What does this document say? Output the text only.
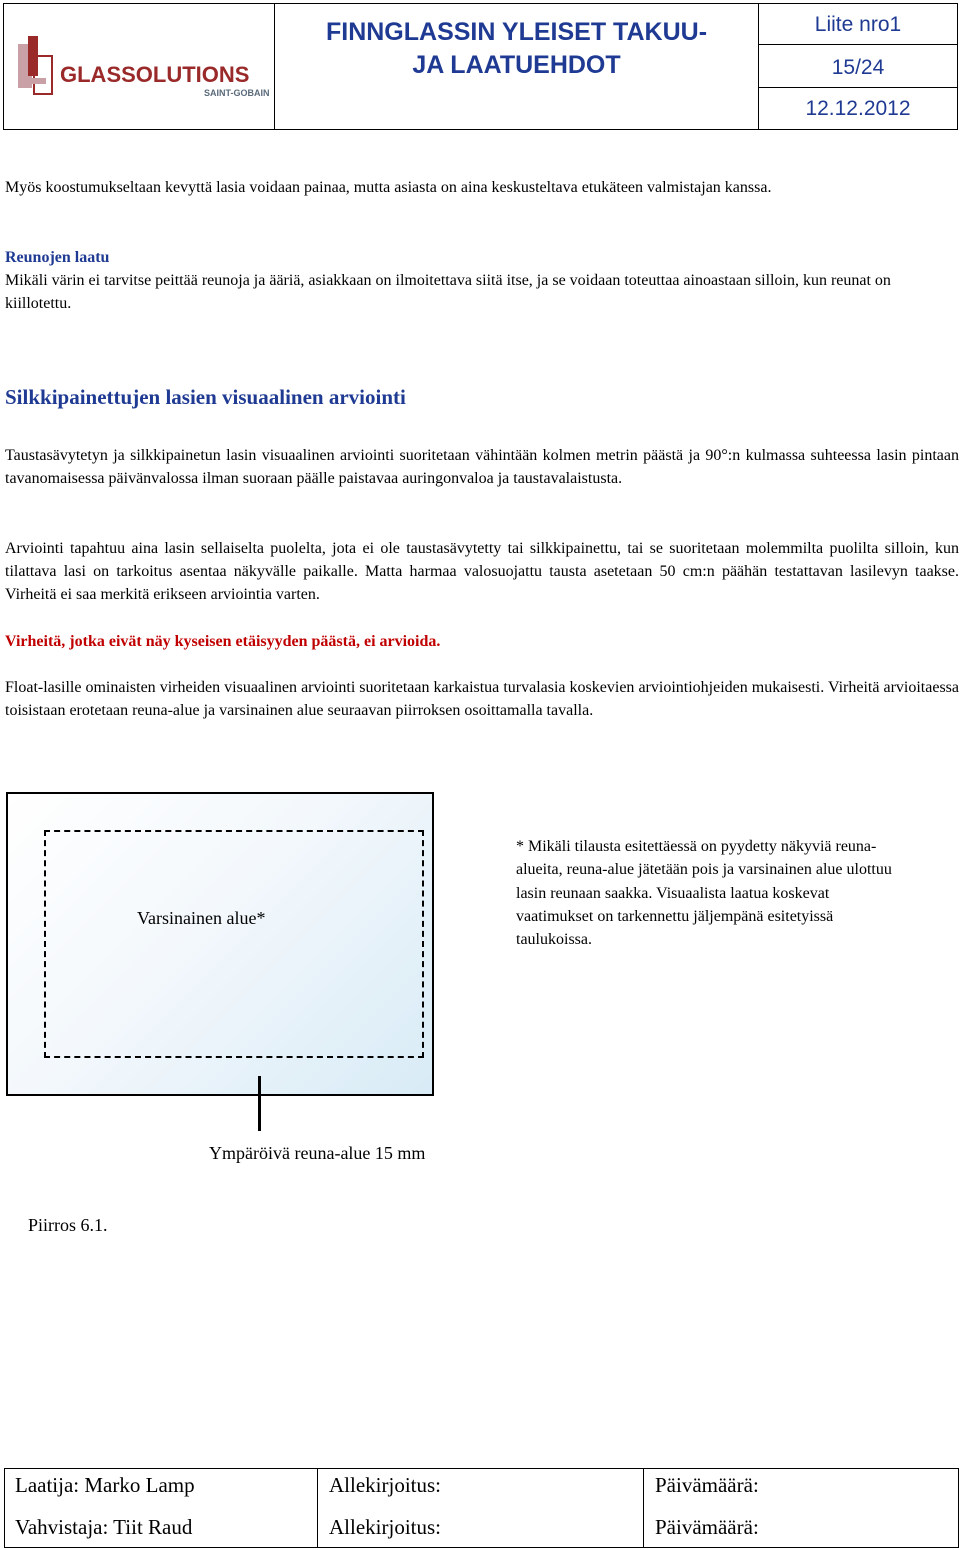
GLASSOLUTIONS
SAINT-GOBAIN
FINNGLASSIN YLEISET TAKUU-
JA LAATUEHDOT
Liite nro1
15/24
12.12.2012
Myös koostumukseltaan kevyttä lasia voidaan painaa, mutta asiasta on aina keskusteltava etukäteen valmistajan kanssa.
Reunojen laatu
Mikäli värin ei tarvitse peittää reunoja ja ääriä, asiakkaan on ilmoitettava siitä itse, ja se voidaan toteuttaa ainoastaan silloin, kun reunat on kiillotettu.
Silkkipainettujen lasien visuaalinen arviointi
Taustasävytetyn ja silkkipainetun lasin visuaalinen arviointi suoritetaan vähintään kolmen metrin päästä ja 90°:n kulmassa suhteessa lasin pintaan tavanomaisessa päivänvalossa ilman suoraan päälle paistavaa auringonvaloa ja taustavalaistusta.
Arviointi tapahtuu aina lasin sellaiselta puolelta, jota ei ole taustasävytetty tai silkkipainettu, tai se suoritetaan molemmilta puolilta silloin, kun tilattava lasi on tarkoitus asentaa näkyvälle paikalle. Matta harmaa valosuojattu tausta asetetaan 50 cm:n päähän testattavan lasilevyn taakse. Virheitä ei saa merkitä erikseen arviointia varten.
Virheitä, jotka eivät näy kyseisen etäisyyden päästä, ei arvioida.
Float-lasille ominaisten virheiden visuaalinen arviointi suoritetaan karkaistua turvalasia koskevien arviointiohjeiden mukaisesti. Virheitä arvioitaessa toisistaan erotetaan reuna-alue ja varsinainen alue seuraavan piirroksen osoittamalla tavalla.
Varsinainen alue*
Ympäröivä reuna-alue 15 mm
* Mikäli tilausta esitettäessä on pyydetty näkyviä reuna-alueita, reuna-alue jätetään pois ja varsinainen alue ulottuu lasin reunaan saakka. Visuaalista laatua koskevat vaatimukset on tarkennettu jäljempänä esitetyissä taulukoissa.
Piirros 6.1.
Laatija: Marko Lamp	Allekirjoitus:	Päivämäärä:
Vahvistaja: Tiit Raud	Allekirjoitus:	Päivämäärä:
